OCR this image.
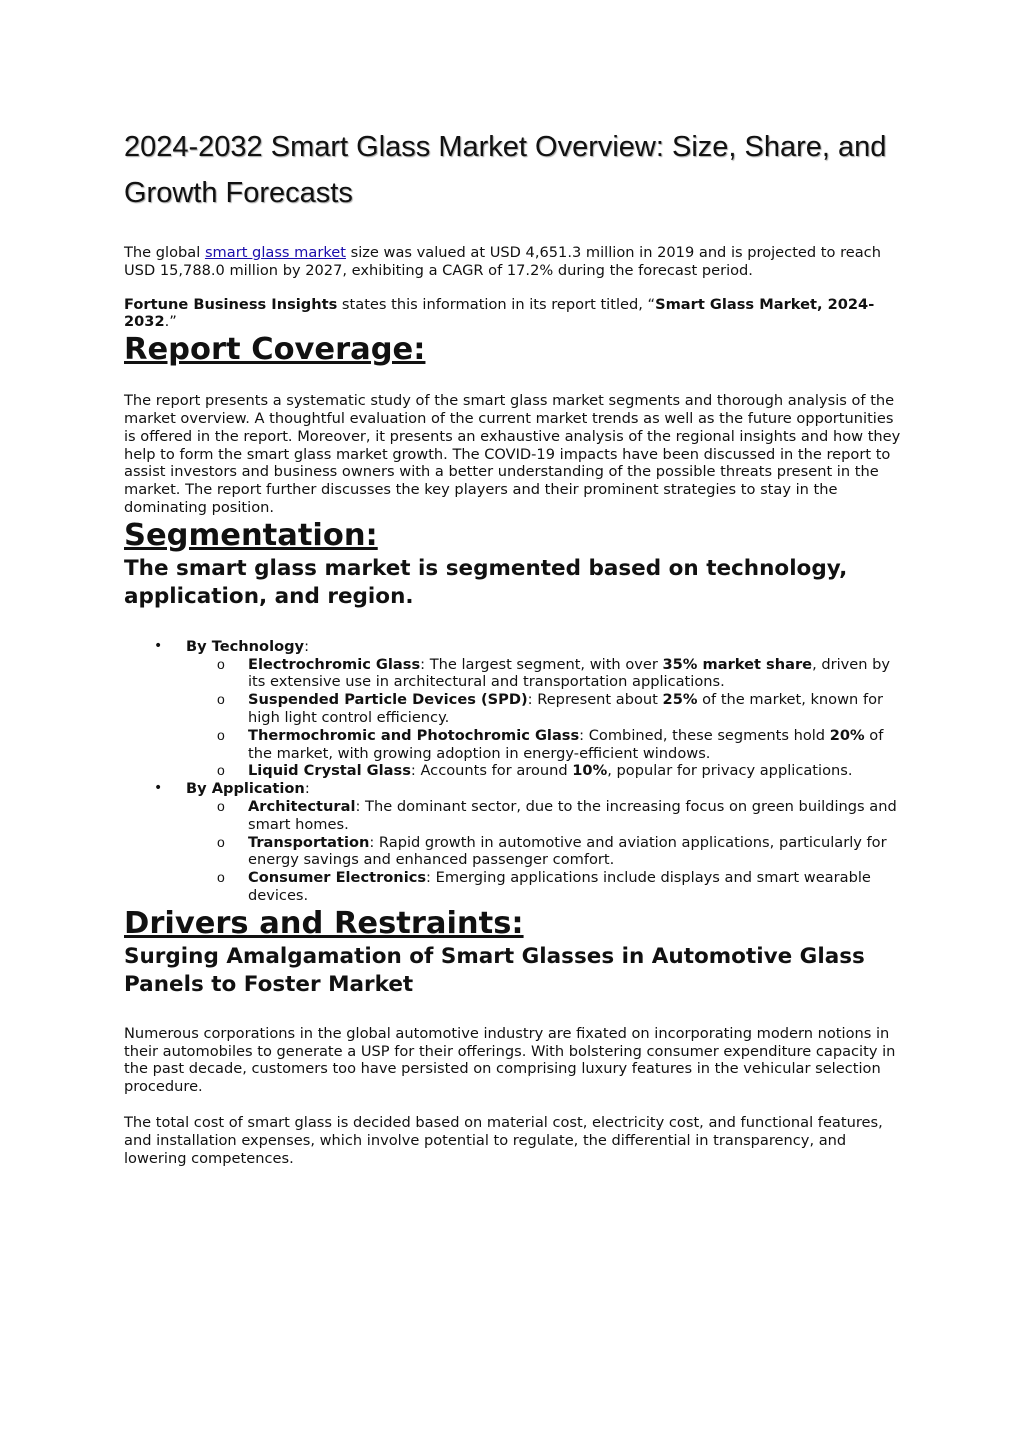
2024-2032 Smart Glass Market Overview: Size, Share, and Growth Forecasts

The global smart glass market size was valued at USD 4,651.3 million in 2019 and is projected to reach USD 15,788.0 million by 2027, exhibiting a CAGR of 17.2% during the forecast period.

Fortune Business Insights states this information in its report titled, “Smart Glass Market, 2024-2032.”

Report Coverage:

The report presents a systematic study of the smart glass market segments and thorough analysis of the market overview. A thoughtful evaluation of the current market trends as well as the future opportunities is offered in the report. Moreover, it presents an exhaustive analysis of the regional insights and how they help to form the smart glass market growth. The COVID-19 impacts have been discussed in the report to assist investors and business owners with a better understanding of the possible threats present in the market. The report further discusses the key players and their prominent strategies to stay in the dominating position.

Segmentation:
The smart glass market is segmented based on technology, application, and region.
• By Technology:
o Electrochromic Glass: The largest segment, with over 35% market share, driven by its extensive use in architectural and transportation applications.
o Suspended Particle Devices (SPD): Represent about 25% of the market, known for high light control efficiency.
o Thermochromic and Photochromic Glass: Combined, these segments hold 20% of the market, with growing adoption in energy-efficient windows.
o Liquid Crystal Glass: Accounts for around 10%, popular for privacy applications.
• By Application:
o Architectural: The dominant sector, due to the increasing focus on green buildings and smart homes.
o Transportation: Rapid growth in automotive and aviation applications, particularly for energy savings and enhanced passenger comfort.
o Consumer Electronics: Emerging applications include displays and smart wearable devices.
Drivers and Restraints:
Surging Amalgamation of Smart Glasses in Automotive Glass Panels to Foster Market

Numerous corporations in the global automotive industry are fixated on incorporating modern notions in their automobiles to generate a USP for their offerings. With bolstering consumer expenditure capacity in the past decade, customers too have persisted on comprising luxury features in the vehicular selection procedure.

The total cost of smart glass is decided based on material cost, electricity cost, and functional features, and installation expenses, which involve potential to regulate, the differential in transparency, and lowering competences.
